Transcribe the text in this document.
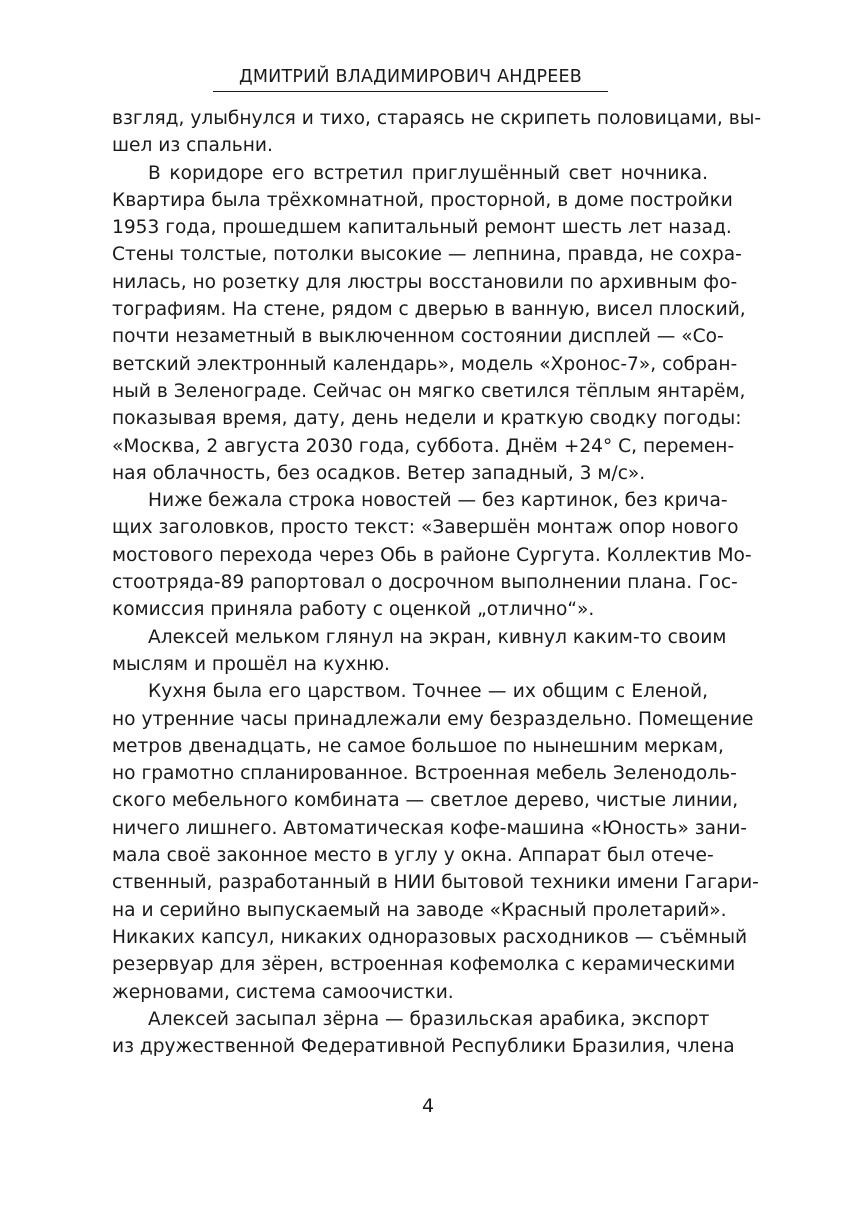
ДМИТРИЙ ВЛАДИМИРОВИЧ АНДРЕЕВ

взгляд, улыбнулся и тихо, стараясь не скрипеть половицами, вы-
шел из спальни.

В коридоре его встретил приглушённый свет ночника.
Квартира была трёхкомнатной, просторной, в доме постройки
1953 года, прошедшем капитальный ремонт шесть лет назад.
Стены толстые, потолки высокие — лепнина, правда, не сохра-
нилась, но розетку для люстры восстановили по архивным фо-
тографиям. На стене, рядом с дверью в ванную, висел плоский,
почти незаметный в выключенном состоянии дисплей — «Со-
ветский электронный календарь», модель «Хронос-7», собран-
ный в Зеленограде. Сейчас он мягко светился тёплым янтарём,
показывая время, дату, день недели и краткую сводку погоды:
«Москва, 2 августа 2030 года, суббота. Днём +24° С, перемен-
ная облачность, без осадков. Ветер западный, 3 м/с».

Ниже бежала строка новостей — без картинок, без крича-
щих заголовков, просто текст: «Завершён монтаж опор нового
мостового перехода через Обь в районе Сургута. Коллектив Мо-
стоотряда-89 рапортовал о досрочном выполнении плана. Гос-
комиссия приняла работу с оценкой „отлично“».

Алексей мельком глянул на экран, кивнул каким-то своим
мыслям и прошёл на кухню.

Кухня была его царством. Точнее — их общим с Еленой,
но утренние часы принадлежали ему безраздельно. Помещение
метров двенадцать, не самое большое по нынешним меркам,
но грамотно спланированное. Встроенная мебель Зеленодоль-
ского мебельного комбината — светлое дерево, чистые линии,
ничего лишнего. Автоматическая кофе-машина «Юность» зани-
мала своё законное место в углу у окна. Аппарат был отече-
ственный, разработанный в НИИ бытовой техники имени Гагари-
на и серийно выпускаемый на заводе «Красный пролетарий».
Никаких капсул, никаких одноразовых расходников — съёмный
резервуар для зёрен, встроенная кофемолка с керамическими
жерновами, система самоочистки.

Алексей засыпал зёрна — бразильская арабика, экспорт
из дружественной Федеративной Республики Бразилия, члена

4
